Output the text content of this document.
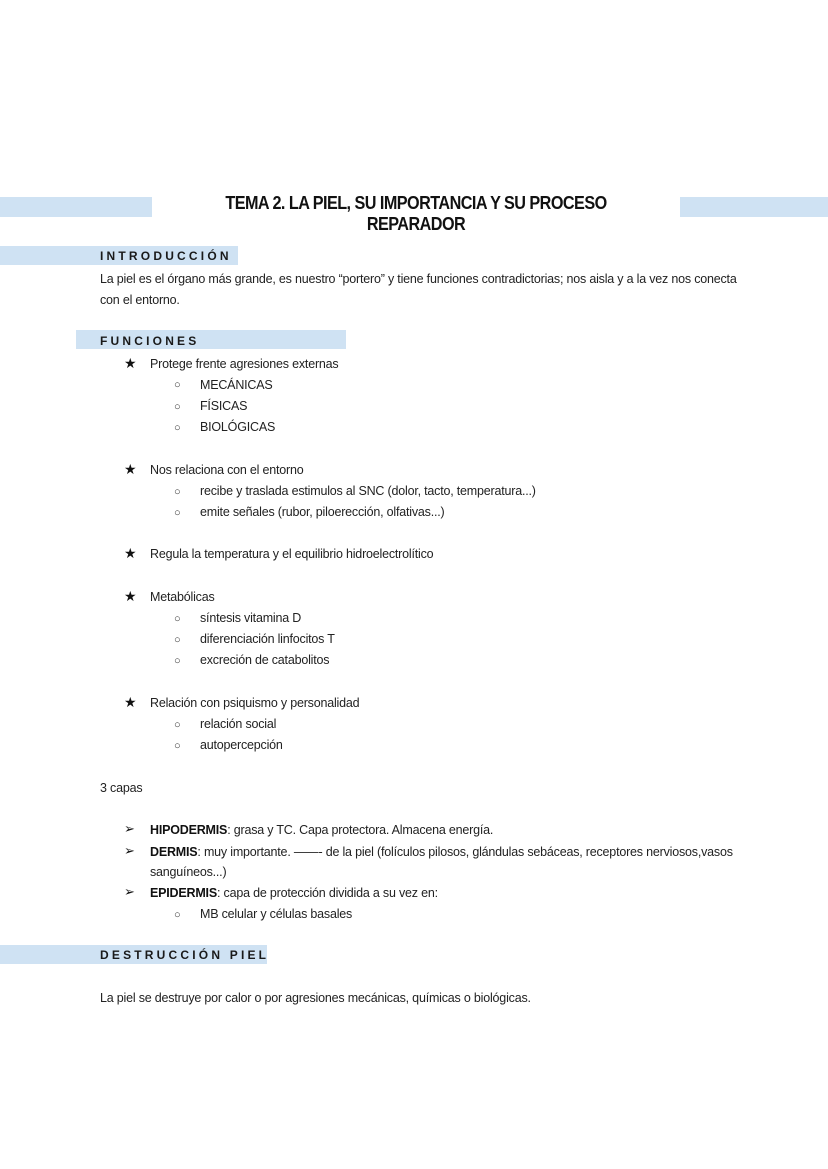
TEMA 2. LA PIEL, SU IMPORTANCIA Y SU PROCESO REPARADOR
INTRODUCCIÓN
La piel es el órgano más grande, es nuestro “portero” y tiene funciones contradictorias; nos aisla y a la vez nos conecta
con el entorno.
FUNCIONES
★ Protege frente agresiones externas
○ MECÁNICAS
○ FÍSICAS
○ BIOLÓGICAS
★ Nos relaciona con el entorno
○ recibe y traslada estimulos al SNC (dolor, tacto, temperatura...)
○ emite señales (rubor, piloerección, olfativas...)
★ Regula la temperatura y el equilibrio hidroelectrolítico
★ Metabólicas
○ síntesis vitamina D
○ diferenciación linfocitos T
○ excreción de catabolitos
★ Relación con psiquismo y personalidad
○ relación social
○ autopercepción
3 capas
➢ HIPODERMIS: grasa y TC. Capa protectora. Almacena energía.
➢ DERMIS: muy importante. ——- de la piel (folículos pilosos, glándulas sebáceas, receptores nerviosos,vasos
sanguíneos...)
➢ EPIDERMIS: capa de protección dividida a su vez en:
○ MB celular y células basales
DESTRUCCIÓN PIEL
La piel se destruye por calor o por agresiones mecánicas, químicas o biológicas.
